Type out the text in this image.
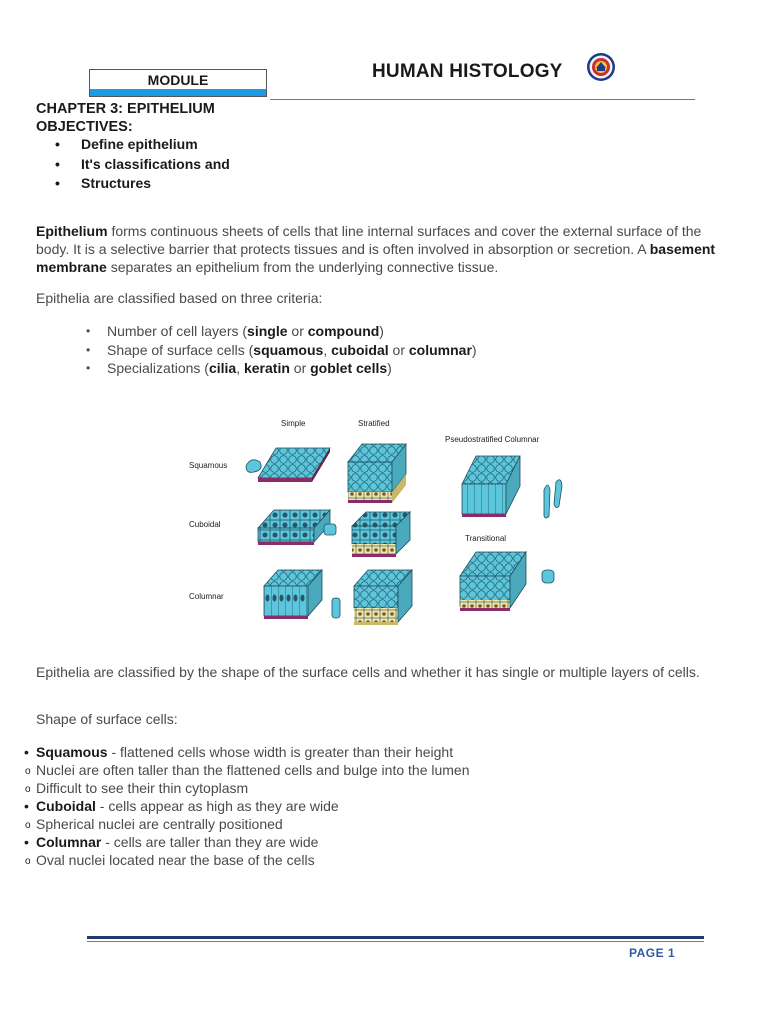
MODULE	HUMAN HISTOLOGY
CHAPTER 3: EPITHELIUM
OBJECTIVES:
• Define epithelium
• It's classifications and
• Structures
Epithelium forms continuous sheets of cells that line internal surfaces and cover the external surface of the body. It is a selective barrier that protects tissues and is often involved in absorption or secretion. A basement membrane separates an epithelium from the underlying connective tissue.
Epithelia are classified based on three criteria:
• Number of cell layers (single or compound)
• Shape of surface cells (squamous, cuboidal or columnar)
• Specializations (cilia, keratin or goblet cells)
Simple	Stratified
Pseudostratified Columnar
Transitional
Squamous
Cuboidal
Columnar
Epithelia are classified by the shape of the surface cells and whether it has single or multiple layers of cells.
Shape of surface cells:
• Squamous - flattened cells whose width is greater than their height
o Nuclei are often taller than the flattened cells and bulge into the lumen
o Difficult to see their thin cytoplasm
• Cuboidal - cells appear as high as they are wide
o Spherical nuclei are centrally positioned
• Columnar - cells are taller than they are wide
o Oval nuclei located near the base of the cells
PAGE 1
